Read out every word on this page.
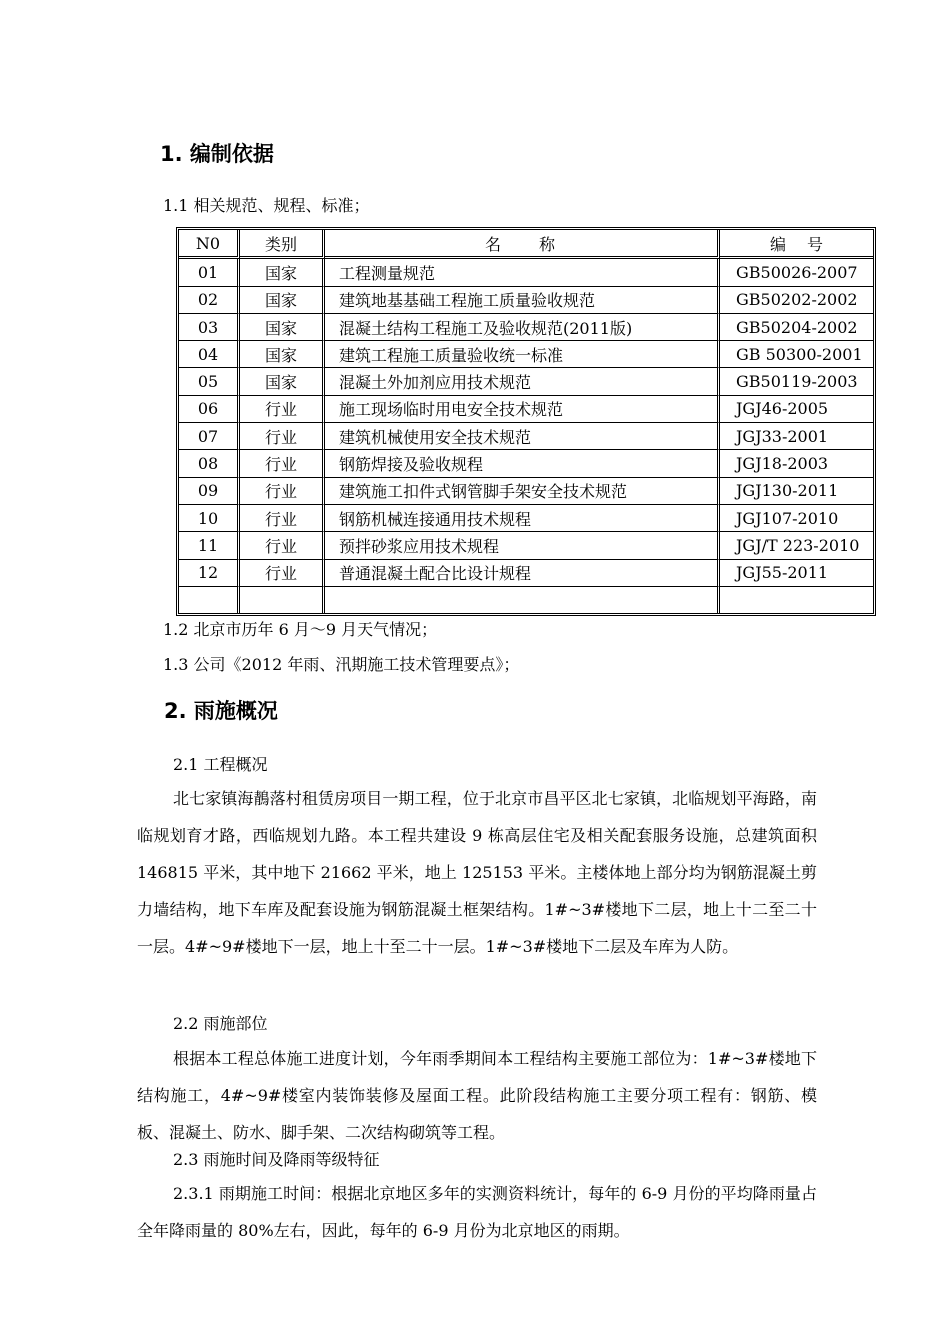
1. 编制依据
1.1 相关规范、规程、标准；
N0	类别	名　　称	编　 号
01	国家	工程测量规范	GB50026-2007
02	国家	建筑地基基础工程施工质量验收规范	GB50202-2002
03	国家	混凝土结构工程施工及验收规范(2011版)	GB50204-2002
04	国家	建筑工程施工质量验收统一标准	GB 50300-2001
05	国家	混凝土外加剂应用技术规范	GB50119-2003
06	行业	施工现场临时用电安全技术规范	JGJ46-2005
07	行业	建筑机械使用安全技术规范	JGJ33-2001
08	行业	钢筋焊接及验收规程	JGJ18-2003
09	行业	建筑施工扣件式钢管脚手架安全技术规范	JGJ130-2011
10	行业	钢筋机械连接通用技术规程	JGJ107-2010
11	行业	预拌砂浆应用技术规程	JGJ/T 223-2010
12	行业	普通混凝土配合比设计规程	JGJ55-2011

1.2 北京市历年 6 月～9 月天气情况；
1.3 公司《2012 年雨、汛期施工技术管理要点》；
2. 雨施概况
2.1 工程概况

北七家镇海鶄落村租赁房项目一期工程，位于北京市昌平区北七家镇，北临规划平海路，南临规划育才路，西临规划九路。本工程共建设 9 栋高层住宅及相关配套服务设施，总建筑面积 146815 平米，其中地下 21662 平米，地上 125153 平米。主楼体地上部分均为钢筋混凝土剪力墙结构，地下车库及配套设施为钢筋混凝土框架结构。1#~3#楼地下二层，地上十二至二十一层。4#~9#楼地下一层，地上十至二十一层。1#~3#楼地下二层及车库为人防。

2.2 雨施部位

根据本工程总体施工进度计划，今年雨季期间本工程结构主要施工部位为：1#~3#楼地下结构施工，4#~9#楼室内装饰装修及屋面工程。此阶段结构施工主要分项工程有：钢筋、模板、混凝土、防水、脚手架、二次结构砌筑等工程。

2.3 雨施时间及降雨等级特征

2.3.1 雨期施工时间：根据北京地区多年的实测资料统计，每年的 6-9 月份的平均降雨量占全年降雨量的 80%左右，因此，每年的 6-9 月份为北京地区的雨期。
